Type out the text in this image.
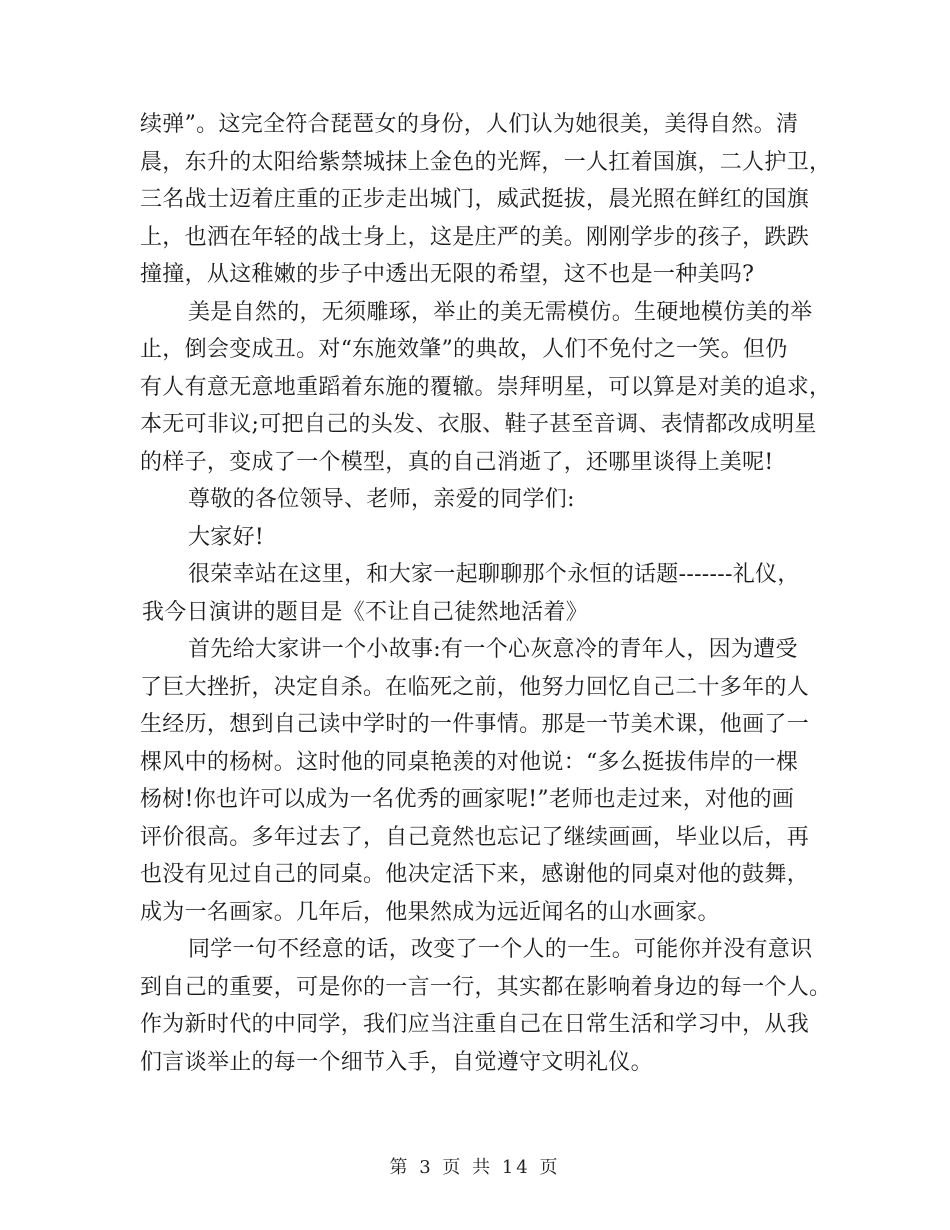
续弹”。这完全符合琵琶女的身份，人们认为她很美，美得自然。清
晨，东升的太阳给紫禁城抹上金色的光辉，一人扛着国旗，二人护卫，
三名战士迈着庄重的正步走出城门，威武挺拔，晨光照在鲜红的国旗
上，也洒在年轻的战士身上，这是庄严的美。刚刚学步的孩子，跌跌
撞撞，从这稚嫩的步子中透出无限的希望，这不也是一种美吗?
美是自然的，无须雕琢，举止的美无需模仿。生硬地模仿美的举
止，倒会变成丑。对“东施效肇”的典故，人们不免付之一笑。但仍
有人有意无意地重蹈着东施的覆辙。崇拜明星，可以算是对美的追求，
本无可非议;可把自己的头发、衣服、鞋子甚至音调、表情都改成明星
的样子，变成了一个模型，真的自己消逝了，还哪里谈得上美呢!
尊敬的各位领导、老师，亲爱的同学们:
大家好!
很荣幸站在这里，和大家一起聊聊那个永恒的话题-------礼仪，
我今日演讲的题目是《不让自己徒然地活着》
首先给大家讲一个小故事:有一个心灰意冷的青年人，因为遭受
了巨大挫折，决定自杀。在临死之前，他努力回忆自己二十多年的人
生经历，想到自己读中学时的一件事情。那是一节美术课，他画了一
棵风中的杨树。这时他的同桌艳羡的对他说：“多么挺拔伟岸的一棵
杨树!你也许可以成为一名优秀的画家呢!”老师也走过来，对他的画
评价很高。多年过去了，自己竟然也忘记了继续画画，毕业以后，再
也没有见过自己的同桌。他决定活下来，感谢他的同桌对他的鼓舞，
成为一名画家。几年后，他果然成为远近闻名的山水画家。
同学一句不经意的话，改变了一个人的一生。可能你并没有意识
到自己的重要，可是你的一言一行，其实都在影响着身边的每一个人。
作为新时代的中同学，我们应当注重自己在日常生活和学习中，从我
们言谈举止的每一个细节入手，自觉遵守文明礼仪。
第 3 页 共 14 页
